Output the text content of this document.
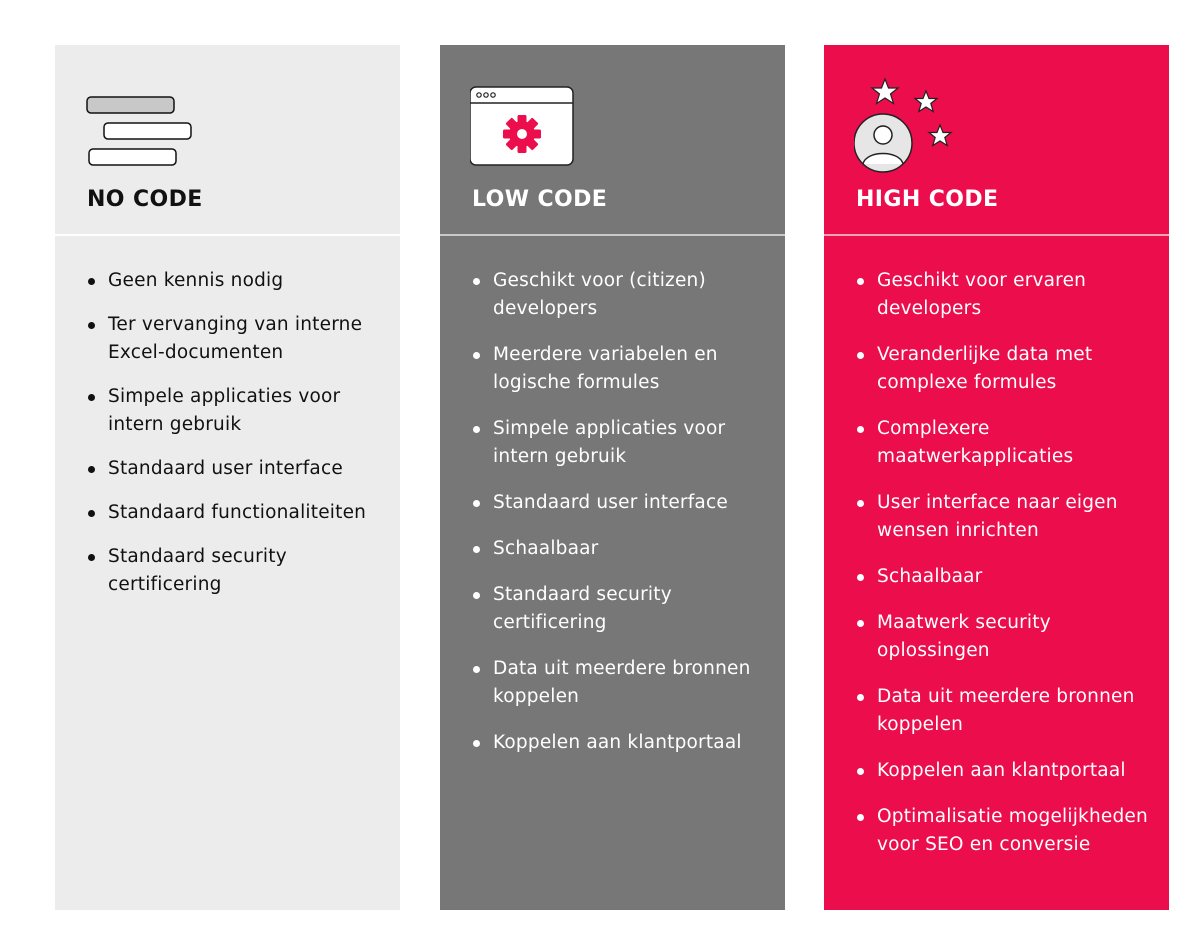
NO CODE
Geen kennis nodig
Ter vervanging van interne Excel-documenten
Simpele applicaties voor intern gebruik
Standaard user interface
Standaard functionaliteiten
Standaard security certificering
LOW CODE
Geschikt voor (citizen) developers
Meerdere variabelen en logische formules
Simpele applicaties voor intern gebruik
Standaard user interface
Schaalbaar
Standaard security certificering
Data uit meerdere bronnen koppelen
Koppelen aan klantportaal
HIGH CODE
Geschikt voor ervaren developers
Veranderlijke data met complexe formules
Complexere maatwerkapplicaties
User interface naar eigen wensen inrichten
Schaalbaar
Maatwerk security oplossingen
Data uit meerdere bronnen koppelen
Koppelen aan klantportaal
Optimalisatie mogelijkheden voor SEO en conversie
